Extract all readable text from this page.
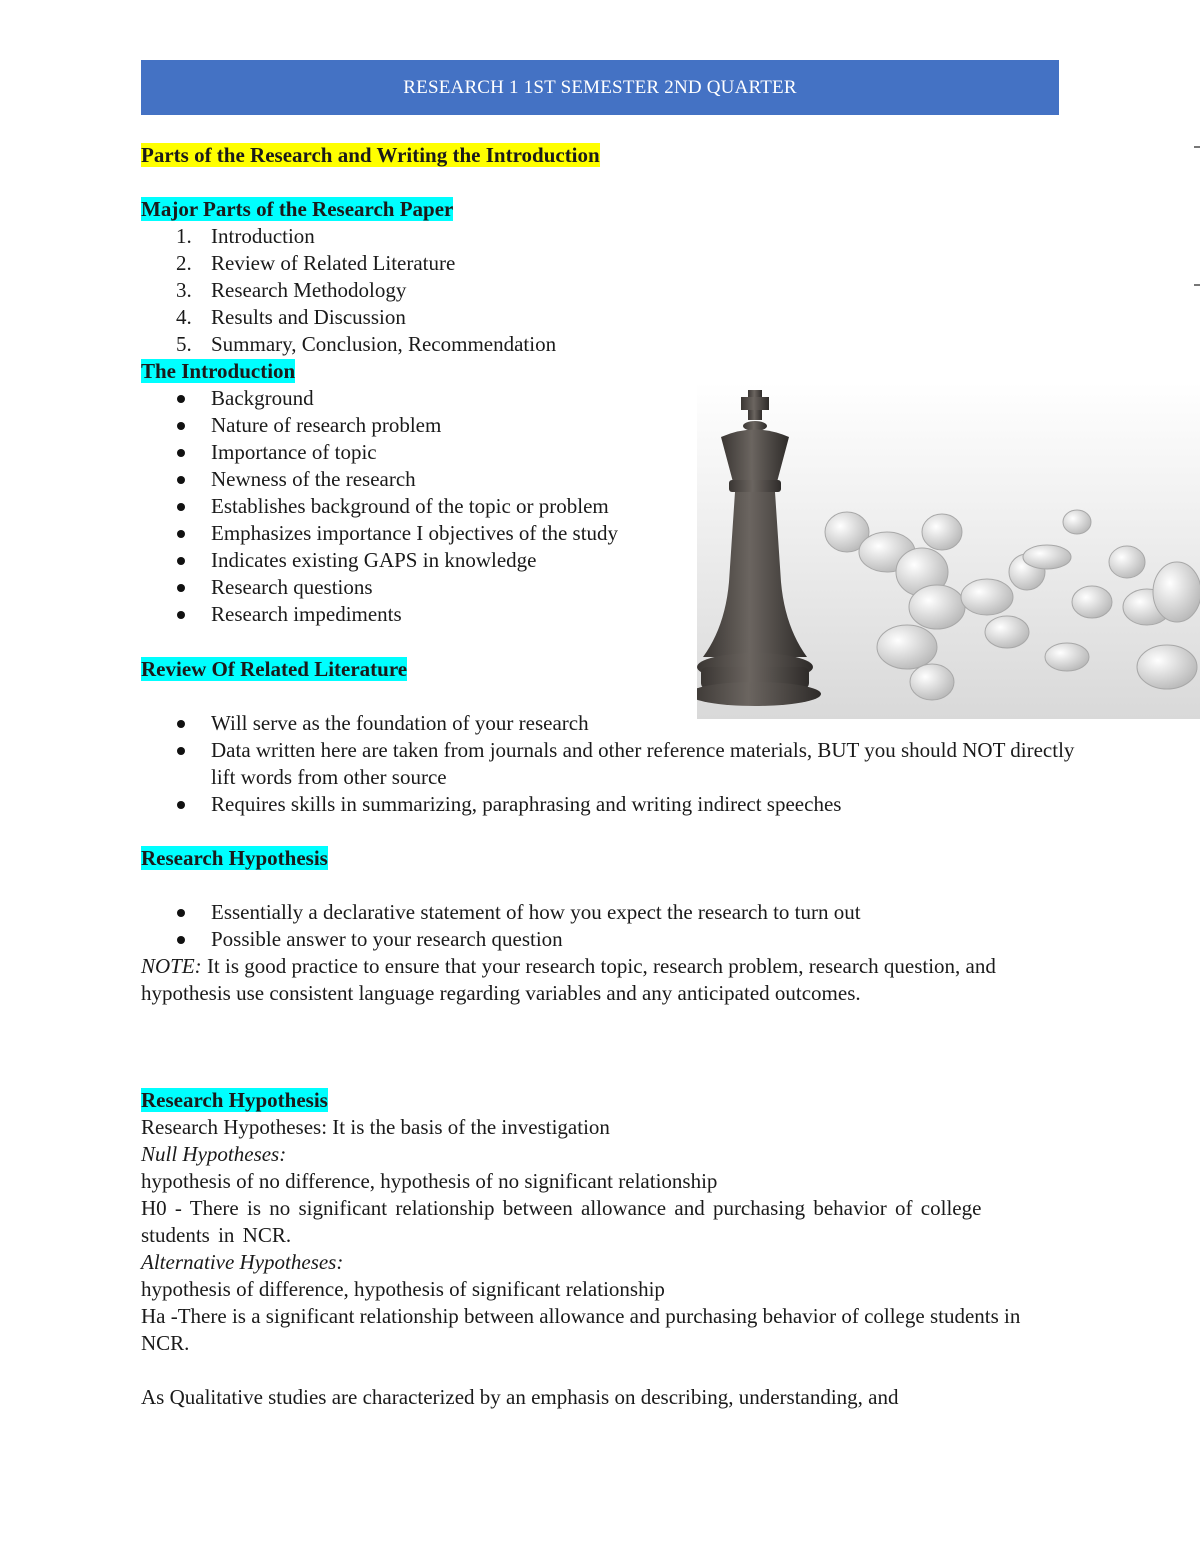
RESEARCH 1 1ST SEMESTER 2ND QUARTER
Parts of the Research and Writing the Introduction
Major Parts of the Research Paper
1. Introduction
2. Review of Related Literature
3. Research Methodology
4. Results and Discussion
5. Summary, Conclusion, Recommendation
The Introduction
Background
Nature of research problem
Importance of topic
Newness of the research
Establishes background of the topic or problem
Emphasizes importance I objectives of the study
Indicates existing GAPS in knowledge
Research questions
Research impediments
Review Of Related Literature
Will serve as the foundation of your research
Data written here are taken from journals and other reference materials, BUT you should NOT directly lift words from other source
Requires skills in summarizing, paraphrasing and writing indirect speeches
Research Hypothesis
Essentially a declarative statement of how you expect the research to turn out
Possible answer to your research question
NOTE: It is good practice to ensure that your research topic, research problem, research question, and hypothesis use consistent language regarding variables and any anticipated outcomes.
Research Hypothesis
Research Hypotheses: It is the basis of the investigation
Null Hypotheses:
hypothesis of no difference, hypothesis of no significant relationship
H0 - There is no significant relationship between allowance and purchasing behavior of college students in NCR.
Alternative Hypotheses:
hypothesis of difference, hypothesis of significant relationship
Ha -There is a significant relationship between allowance and purchasing behavior of college students in NCR.
As Qualitative studies are characterized by an emphasis on describing, understanding, and
